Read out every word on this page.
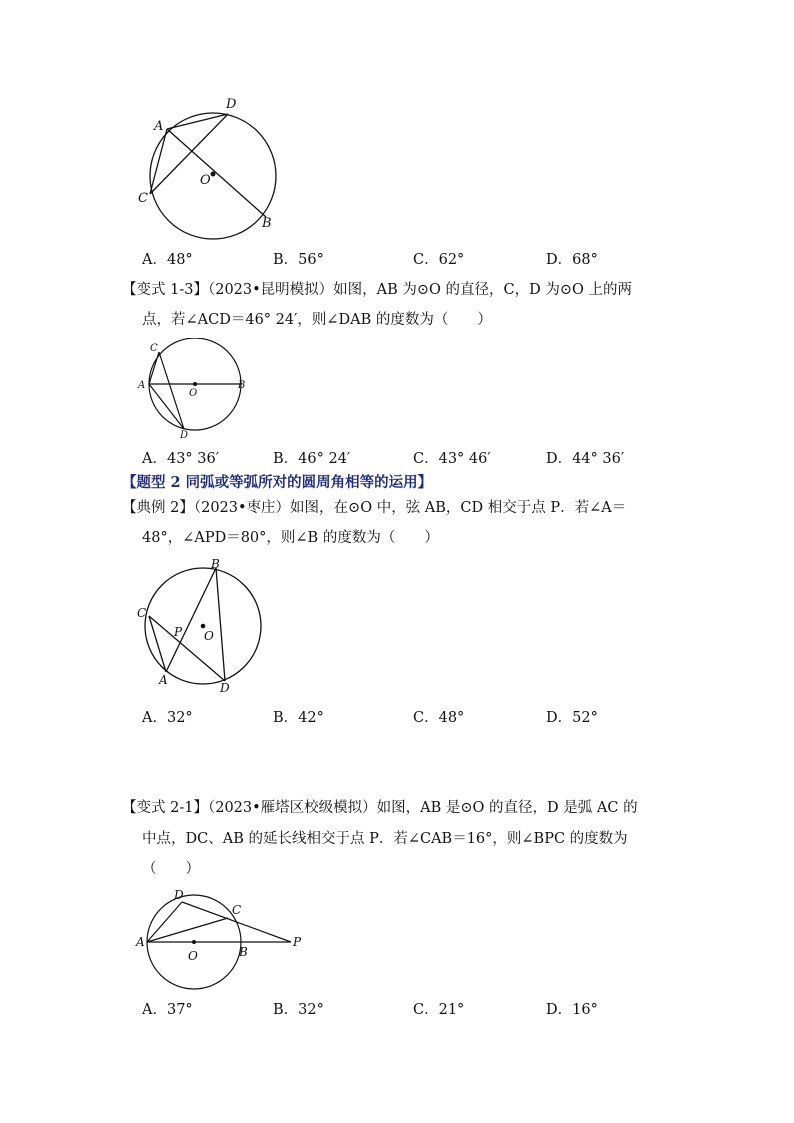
A
D
O
C
B
A．48°	B．56°	C．62°	D．68°
【变式 1-3】（2023•昆明模拟）如图，AB 为⊙O 的直径，C，D 为⊙O 上的两
点，若∠ACD＝46° 24′，则∠DAB 的度数为（　　）
C
A	B
O
D
A．43° 36′	B．46° 24′	C．43° 46′	D．44° 36′
【题型 2 同弧或等弧所对的圆周角相等的运用】
【典例 2】（2023•枣庄）如图，在⊙O 中，弦 AB，CD 相交于点 P．若∠A＝
48°，∠APD＝80°，则∠B 的度数为（　　）
B
C
P O
A
D
A．32°	B．42°	C．48°	D．52°
【变式 2-1】（2023•雁塔区校级模拟）如图，AB 是⊙O 的直径，D 是弧 AC 的
中点，DC、AB 的延长线相交于点 P．若∠CAB＝16°，则∠BPC 的度数为
（　　）
D
C
A
O	B
P
A．37°	B．32°	C．21°	D．16°
